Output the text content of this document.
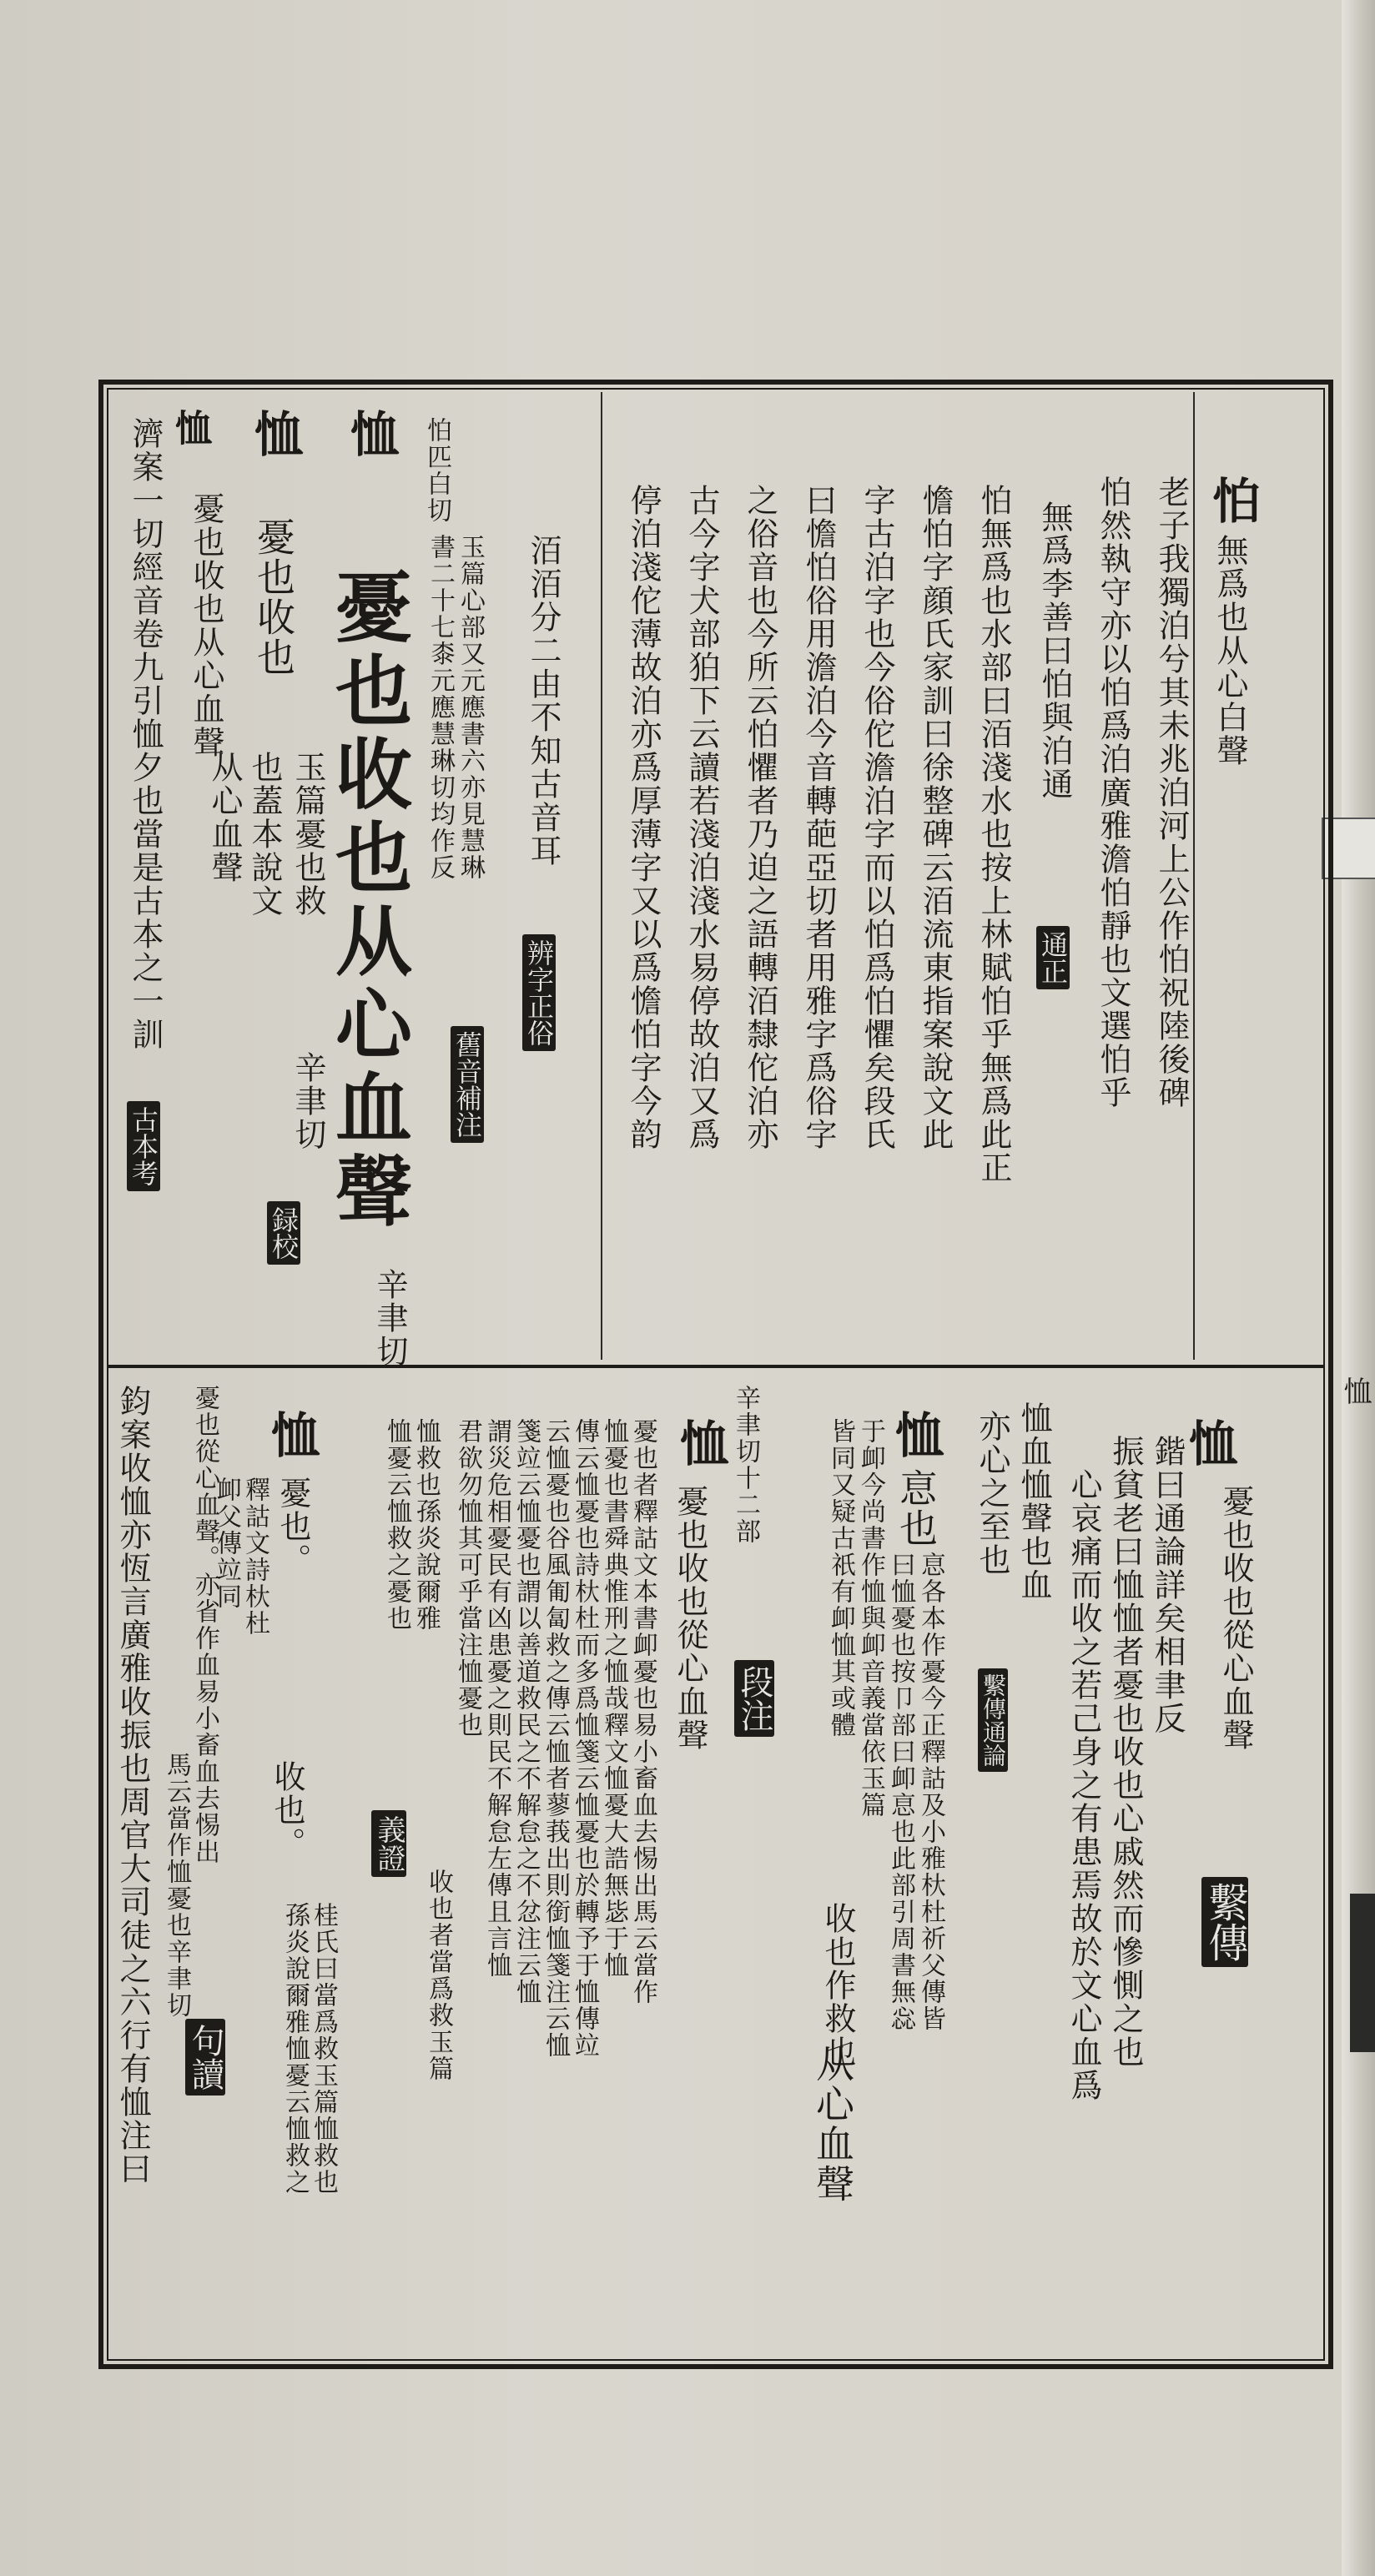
恤
怕
無爲也从心白聲
老子我獨泊兮其未兆泊河上公作怕祝陸後碑
怕然執守亦以怕爲泊廣雅澹怕靜也文選怕乎
無爲李善曰怕與泊通
通正
怕無爲也水部曰洦淺水也按上林賦怕乎無爲此正
憺怕字顔氏家訓曰徐整碑云洦流東指案說文此
字古泊字也今俗佗澹泊字而以怕爲怕懼矣段氏
曰憺怕俗用澹泊今音轉葩亞切者用雅字爲俗字
之俗音也今所云怕懼者乃迫之語轉洦隸佗泊亦
古今字犬部狛下云讀若淺泊淺水易停故泊又爲
停泊淺佗薄故泊亦爲厚薄字又以爲憺怕字今韵
洦洦分二由不知古音耳
辨字正俗
怕匹白切
玉篇心部又元應書六亦見慧琳
書二十七桼元應慧琳切均作反
舊音補注
恤
恤
憂也收也从心血聲
辛聿切
憂也收也
玉篇憂也救
也蓋本說文
从心血聲
辛聿切
録校
恤
憂也收也从心血聲
濟案一切經音卷九引恤夕也當是古本之一訓
古本考
恤
憂也收也從心血聲
繫傳
鍇曰通論詳矣相聿反
振貧老曰恤恤者憂也收也心戚然而慘惻之也
心哀痛而收之若己身之有患焉故於文心血爲
恤血恤聲也血
亦心之至也
繫傳通論
恤
恴也
恴各本作憂今正釋詁及小雅杕杜祈父傳皆
曰恤憂也按卩部曰卹恴也此部引周書無惢
于卹今尚書作恤與卹音義當依玉篇
皆同又疑古祇有卹恤其或體
收也作救也
从心血聲
辛聿切十二部
段注
恤
憂也收也從心血聲
憂也者釋詁文本書卹憂也易小畜血去惕出馬云當作
恤憂也書舜典惟刑之恤哉釋文恤憂大誥無毖于恤
傳云恤憂也詩杕杜而多爲恤箋云恤憂也於轉予于恤傳竝
云恤憂也谷風匍匐救之傳云恤者蓼莪出則銜恤箋注云恤
箋竝云恤憂也謂以善道救民之不解怠之不忿注云恤
謂災危相憂民有凶患憂之則民不解怠左傳且言恤
君欲勿恤其可乎當注恤憂也
恤救也孫炎說爾雅
恤憂云恤救之憂也
收也者當爲救玉篇
義證
恤
憂也。
釋詁文詩杕杜
卹父傳竝同
收也。
桂氏曰當爲救玉篇恤救也
孫炎說爾雅恤憂云恤救之
憂也從心血聲。亦省作血易小畜血去惕出
馬云當作恤憂也辛聿切
句讀
鈞案收恤亦恆言廣雅收振也周官大司徒之六行有恤注曰
